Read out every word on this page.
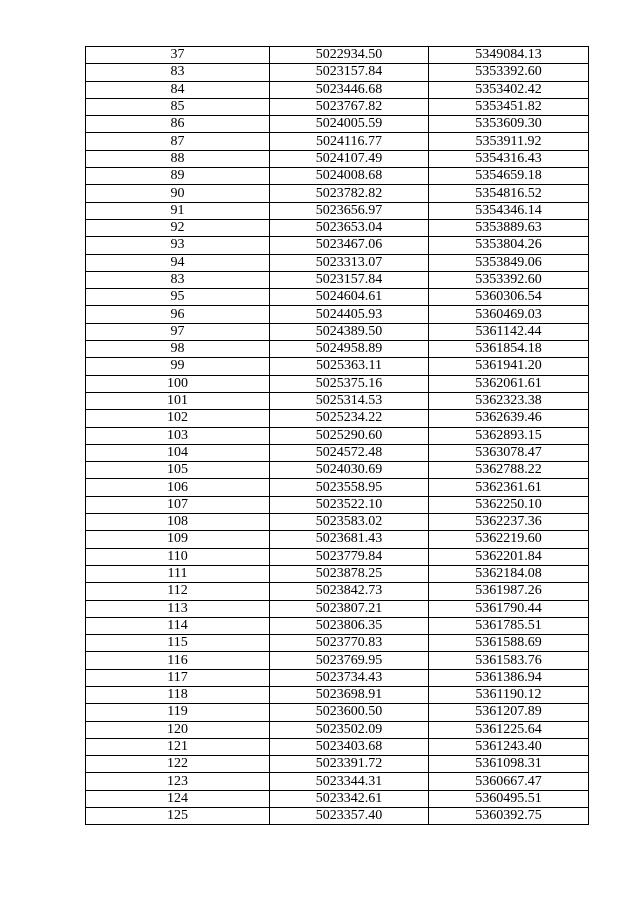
37	5022934.50	5349084.13
83	5023157.84	5353392.60
84	5023446.68	5353402.42
85	5023767.82	5353451.82
86	5024005.59	5353609.30
87	5024116.77	5353911.92
88	5024107.49	5354316.43
89	5024008.68	5354659.18
90	5023782.82	5354816.52
91	5023656.97	5354346.14
92	5023653.04	5353889.63
93	5023467.06	5353804.26
94	5023313.07	5353849.06
83	5023157.84	5353392.60
95	5024604.61	5360306.54
96	5024405.93	5360469.03
97	5024389.50	5361142.44
98	5024958.89	5361854.18
99	5025363.11	5361941.20
100	5025375.16	5362061.61
101	5025314.53	5362323.38
102	5025234.22	5362639.46
103	5025290.60	5362893.15
104	5024572.48	5363078.47
105	5024030.69	5362788.22
106	5023558.95	5362361.61
107	5023522.10	5362250.10
108	5023583.02	5362237.36
109	5023681.43	5362219.60
110	5023779.84	5362201.84
111	5023878.25	5362184.08
112	5023842.73	5361987.26
113	5023807.21	5361790.44
114	5023806.35	5361785.51
115	5023770.83	5361588.69
116	5023769.95	5361583.76
117	5023734.43	5361386.94
118	5023698.91	5361190.12
119	5023600.50	5361207.89
120	5023502.09	5361225.64
121	5023403.68	5361243.40
122	5023391.72	5361098.31
123	5023344.31	5360667.47
124	5023342.61	5360495.51
125	5023357.40	5360392.75
